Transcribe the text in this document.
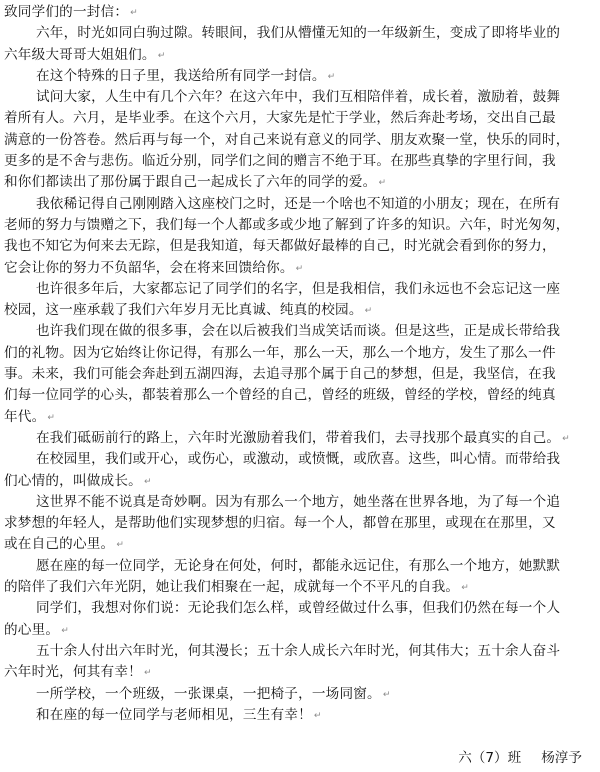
致同学们的一封信： ↵
六年，时光如同白驹过隙。转眼间，我们从懵懂无知的一年级新生，变成了即将毕业的
六年级大哥哥大姐姐们。 ↵
在这个特殊的日子里，我送给所有同学一封信。 ↵
试问大家，人生中有几个六年？在这六年中，我们互相陪伴着，成长着，激励着，鼓舞
着所有人。六月，是毕业季。在这个六月，大家先是忙于学业，然后奔赴考场，交出自己最
满意的一份答卷。然后再与每一个，对自己来说有意义的同学、朋友欢聚一堂，快乐的同时，
更多的是不舍与悲伤。临近分别，同学们之间的赠言不绝于耳。在那些真挚的字里行间，我
和你们都读出了那份属于跟自己一起成长了六年的同学的爱。 ↵
我依稀记得自己刚刚踏入这座校门之时，还是一个啥也不知道的小朋友；现在，在所有
老师的努力与馈赠之下，我们每一个人都或多或少地了解到了许多的知识。六年，时光匆匆，
我也不知它为何来去无踪，但是我知道，每天都做好最棒的自己，时光就会看到你的努力，
它会让你的努力不负韶华，会在将来回馈给你。 ↵
也许很多年后，大家都忘记了同学们的名字，但是我相信，我们永远也不会忘记这一座
校园，这一座承载了我们六年岁月无比真诚、纯真的校园。 ↵
也许我们现在做的很多事，会在以后被我们当成笑话而谈。但是这些，正是成长带给我
们的礼物。因为它始终让你记得，有那么一年，那么一天，那么一个地方，发生了那么一件
事。未来，我们可能会奔赴到五湖四海，去追寻那个属于自己的梦想，但是，我坚信，在我
们每一位同学的心头，都装着那么一个曾经的自己，曾经的班级，曾经的学校，曾经的纯真
年代。 ↵
在我们砥砺前行的路上，六年时光激励着我们，带着我们，去寻找那个最真实的自己。 ↵
在校园里，我们或开心，或伤心，或激动，或愤慨，或欣喜。这些，叫心情。而带给我
们心情的，叫做成长。 ↵
这世界不能不说真是奇妙啊。因为有那么一个地方，她坐落在世界各地，为了每一个追
求梦想的年轻人，是帮助他们实现梦想的归宿。每一个人，都曾在那里，或现在在那里，又
或在自己的心里。 ↵
愿在座的每一位同学，无论身在何处，何时，都能永远记住，有那么一个地方，她默默
的陪伴了我们六年光阴，她让我们相聚在一起，成就每一个不平凡的自我。 ↵
同学们，我想对你们说：无论我们怎么样，或曾经做过什么事，但我们仍然在每一个人
的心里。 ↵
五十余人付出六年时光，何其漫长；五十余人成长六年时光，何其伟大；五十余人奋斗
六年时光，何其有幸！ ↵
一所学校，一个班级，一张课桌，一把椅子，一场同窗。 ↵
和在座的每一位同学与老师相见，三生有幸！ ↵
六（7）班 杨淳予
